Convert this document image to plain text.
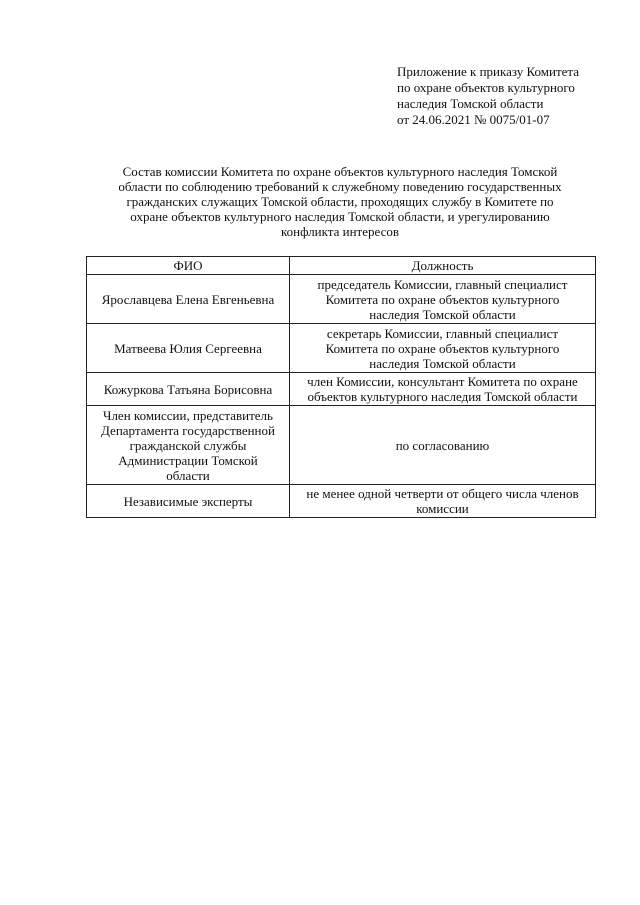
Приложение к приказу Комитета
по охране объектов культурного
наследия Томской области
от 24.06.2021 № 0075/01-07
Состав комиссии Комитета по охране объектов культурного наследия Томской
области по соблюдению требований к служебному поведению государственных
гражданских служащих Томской области, проходящих службу в Комитете по
охране объектов культурного наследия Томской области, и урегулированию
конфликта интересов
ФИО	Должность

Ярославцева Елена Евгеньевна	председатель Комиссии, главный специалист
Комитета по охране объектов культурного
наследия Томской области

Матвеева Юлия Сергеевна	секретарь Комиссии, главный специалист
Комитета по охране объектов культурного
наследия Томской области

Кожуркова Татьяна Борисовна	член Комиссии, консультант Комитета по охране
объектов культурного наследия Томской области

Член комиссии, представитель
Департамента государственной
гражданской службы
Администрации Томской
области	по согласованию

Независимые эксперты	не менее одной четверти от общего числа членов
комиссии
